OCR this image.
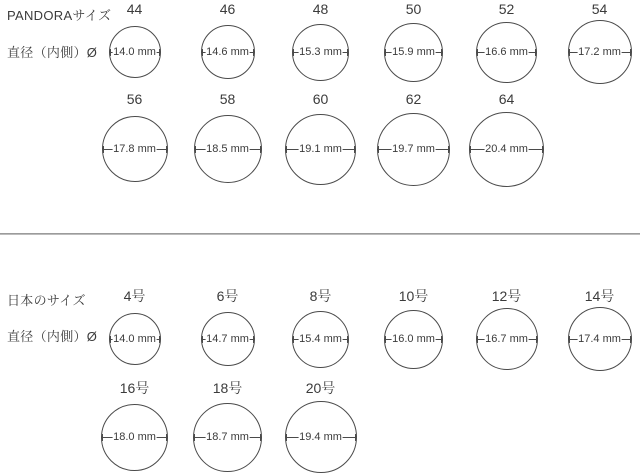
PANDORAサイズ
直径（内側）Ø
44
14.0 mm
46
14.6 mm
48
15.3 mm
50
15.9 mm
52
16.6 mm
54
17.2 mm
56
17.8 mm
58
18.5 mm
60
19.1 mm
62
19.7 mm
64
20.4 mm
日本のサイズ
直径（内側）Ø
4号
14.0 mm
6号
14.7 mm
8号
15.4 mm
10号
16.0 mm
12号
16.7 mm
14号
17.4 mm
16号
18.0 mm
18号
18.7 mm
20号
19.4 mm
